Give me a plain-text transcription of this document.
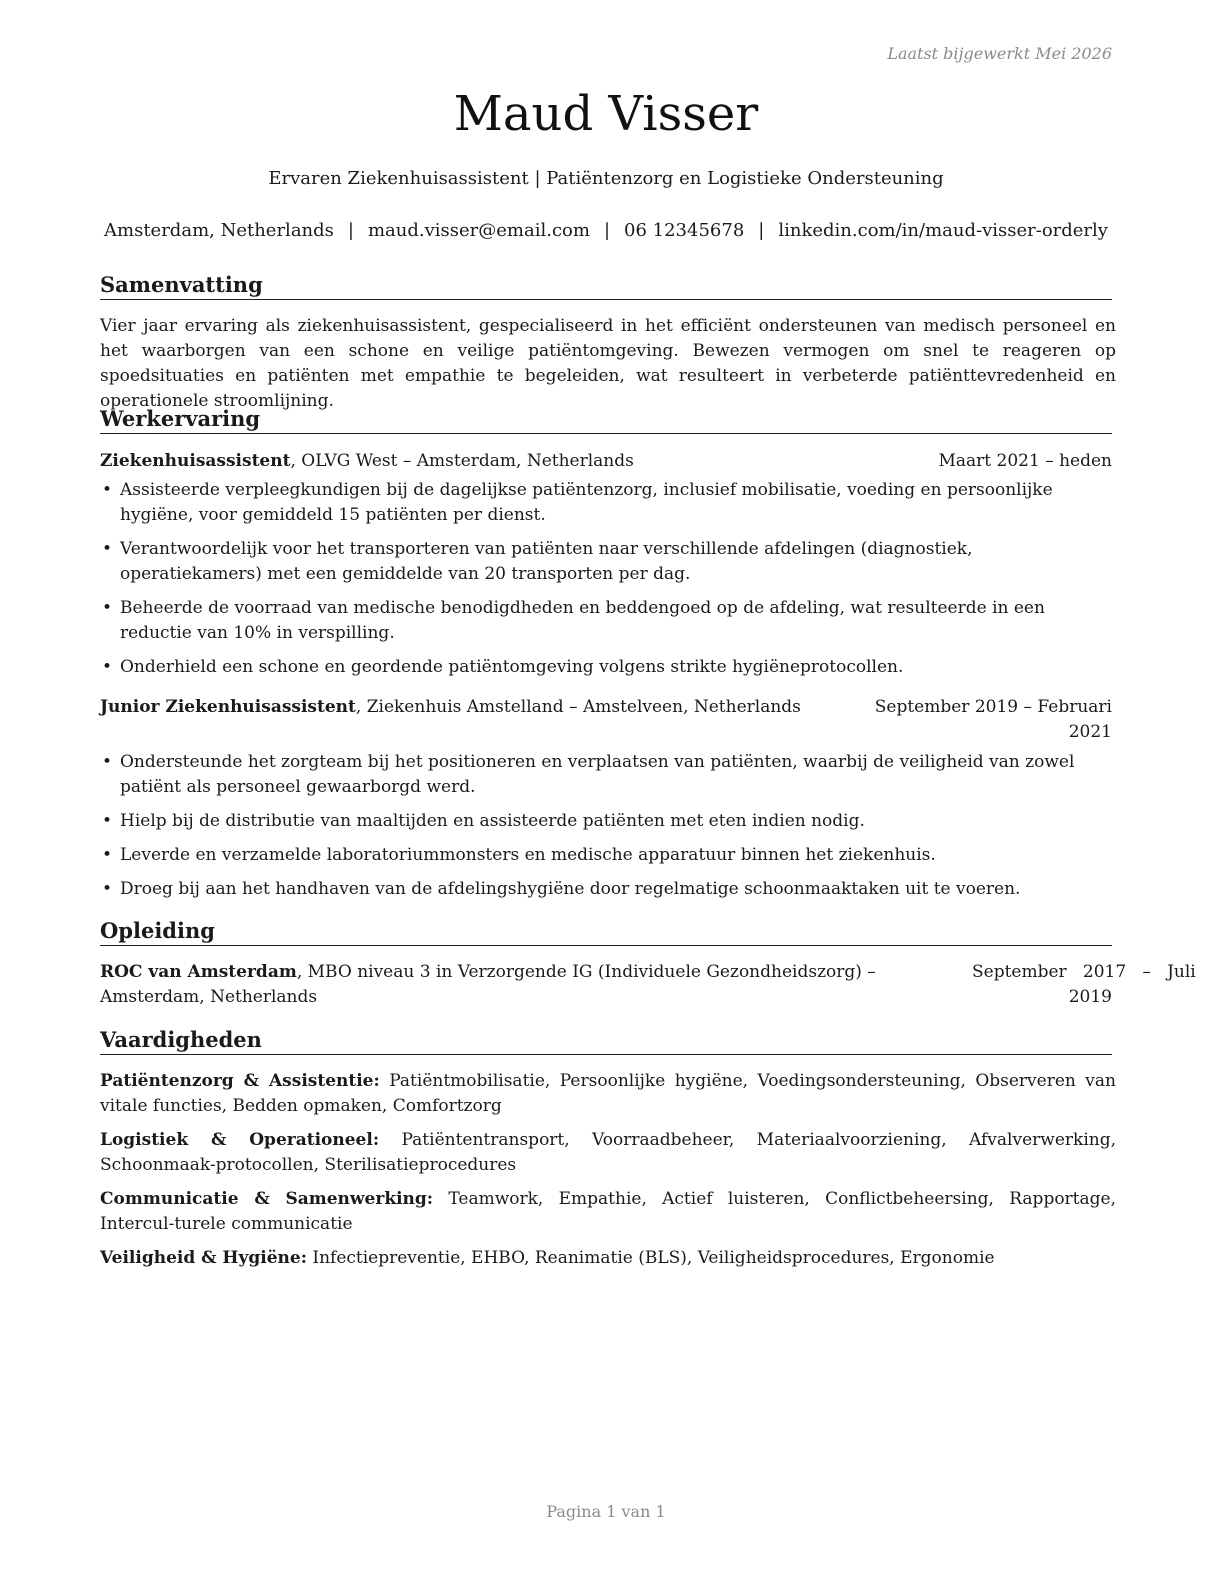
Laatst bijgewerkt Mei 2026
Maud Visser
Ervaren Ziekenhuisassistent | Patiëntenzorg en Logistieke Ondersteuning
Amsterdam, Netherlands | maud.visser@email.com | 06 12345678 | linkedin.com/in/maud-visser-orderly
Samenvatting
Vier jaar ervaring als ziekenhuisassistent, gespecialiseerd in het efficiënt ondersteunen van medisch personeel en het waarborgen van een schone en veilige patiëntomgeving. Bewezen vermogen om snel te reageren op spoedsituaties en patiënten met empathie te begeleiden, wat resulteert in verbeterde patiënttevredenheid en operationele stroomlijning.
Werkervaring
Ziekenhuisassistent, OLVG West – Amsterdam, Netherlands	Maart 2021 – heden
• Assisteerde verpleegkundigen bij de dagelijkse patiëntenzorg, inclusief mobilisatie, voeding en persoonlijke hygiëne, voor gemiddeld 15 patiënten per dienst.
• Verantwoordelijk voor het transporteren van patiënten naar verschillende afdelingen (diagnostiek, operatiekamers) met een gemiddelde van 20 transporten per dag.
• Beheerde de voorraad van medische benodigdheden en beddengoed op de afdeling, wat resulteerde in een reductie van 10% in verspilling.
• Onderhield een schone en geordende patiëntomgeving volgens strikte hygiëneprotocollen.
Junior Ziekenhuisassistent, Ziekenhuis Amstelland – Amstelveen, Netherlands	September 2019 – Februari
2021
• Ondersteunde het zorgteam bij het positioneren en verplaatsen van patiënten, waarbij de veiligheid van zowel patiënt als personeel gewaarborgd werd.
• Hielp bij de distributie van maaltijden en assisteerde patiënten met eten indien nodig.
• Leverde en verzamelde laboratoriummonsters en medische apparatuur binnen het ziekenhuis.
• Droeg bij aan het handhaven van de afdelingshygiëne door regelmatige schoonmaaktaken uit te voeren.
Opleiding
ROC van Amsterdam, MBO niveau 3 in Verzorgende IG (Individuele Gezondheidszorg) –
Amsterdam, Netherlands
September   2017   –   Juli
2019
Vaardigheden

Patiëntenzorg & Assistentie: Patiëntmobilisatie, Persoonlijke hygiëne, Voedingsondersteuning, Observeren van vitale functies, Bedden opmaken, Comfortzorg

Logistiek & Operationeel: Patiëntentransport, Voorraadbeheer, Materiaalvoorziening, Afvalverwerking, Schoonmaak-protocollen, Sterilisatieprocedures

Communicatie & Samenwerking: Teamwork, Empathie, Actief luisteren, Conflictbeheersing, Rapportage, Intercul-turele communicatie

Veiligheid & Hygiëne: Infectiepreventie, EHBO, Reanimatie (BLS), Veiligheidsprocedures, Ergonomie

Pagina 1 van 1
